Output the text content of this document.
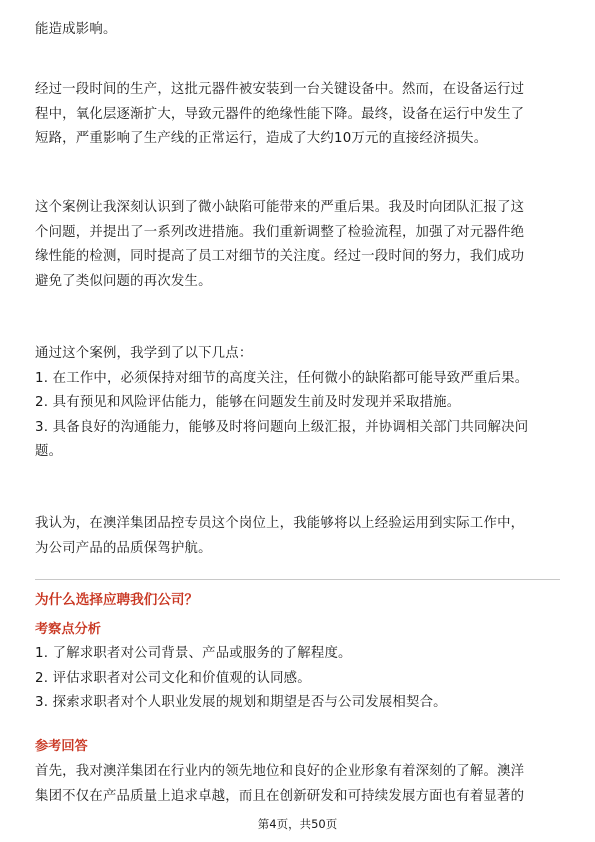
能造成影响。

经过一段时间的生产，这批元器件被安装到一台关键设备中。然而，在设备运行过

程中，氧化层逐渐扩大，导致元器件的绝缘性能下降。最终，设备在运行中发生了

短路，严重影响了生产线的正常运行，造成了大约10万元的直接经济损失。

这个案例让我深刻认识到了微小缺陷可能带来的严重后果。我及时向团队汇报了这

个问题，并提出了一系列改进措施。我们重新调整了检验流程，加强了对元器件绝

缘性能的检测，同时提高了员工对细节的关注度。经过一段时间的努力，我们成功

避免了类似问题的再次发生。

通过这个案例，我学到了以下几点：

1. 在工作中，必须保持对细节的高度关注，任何微小的缺陷都可能导致严重后果。

2. 具有预见和风险评估能力，能够在问题发生前及时发现并采取措施。

3. 具备良好的沟通能力，能够及时将问题向上级汇报，并协调相关部门共同解决问

题。

我认为，在澳洋集团品控专员这个岗位上，我能够将以上经验运用到实际工作中，

为公司产品的品质保驾护航。

为什么选择应聘我们公司？
考察点分析

1. 了解求职者对公司背景、产品或服务的了解程度。

2. 评估求职者对公司文化和价值观的认同感。

3. 探索求职者对个人职业发展的规划和期望是否与公司发展相契合。

参考回答

首先，我对澳洋集团在行业内的领先地位和良好的企业形象有着深刻的了解。澳洋

集团不仅在产品质量上追求卓越，而且在创新研发和可持续发展方面也有着显著的

第4页，共50页
